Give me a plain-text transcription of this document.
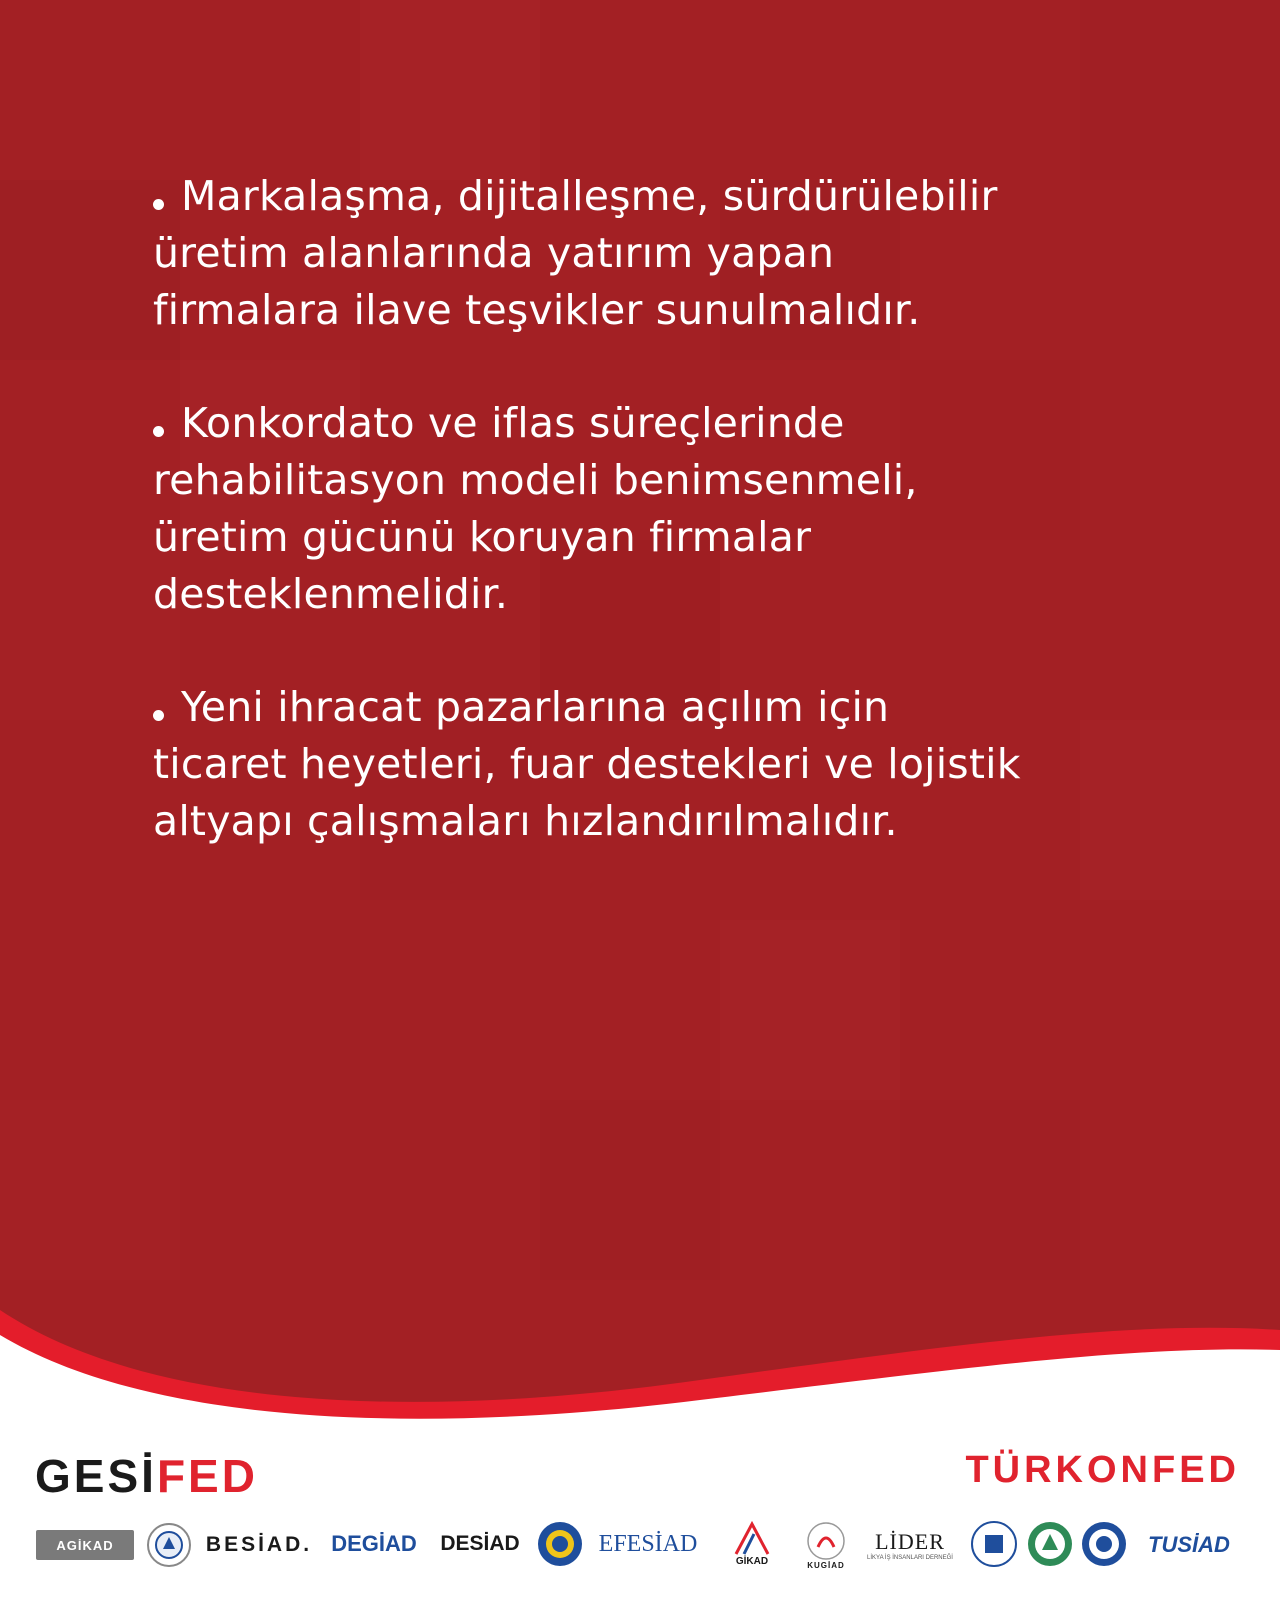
Markalaşma, dijitalleşme, sürdürülebilir
üretim alanlarında yatırım yapan
firmalara ilave teşvikler sunulmalıdır.
Konkordato ve iflas süreçlerinde
rehabilitasyon modeli benimsenmeli,
üretim gücünü koruyan firmalar
desteklenmelidir.
Yeni ihracat pazarlarına açılım için
ticaret heyetleri, fuar destekleri ve lojistik
altyapı çalışmaları hızlandırılmalıdır.
GESİFED	TÜRKONFED
AGİKAD	BESİAD. DEGİAD	DESİAD	EFESİAD
GİKAD	KUGİAD
LİDER
LİKYA İŞ İNSANLARI DERNEĞİ
TUSİAD
